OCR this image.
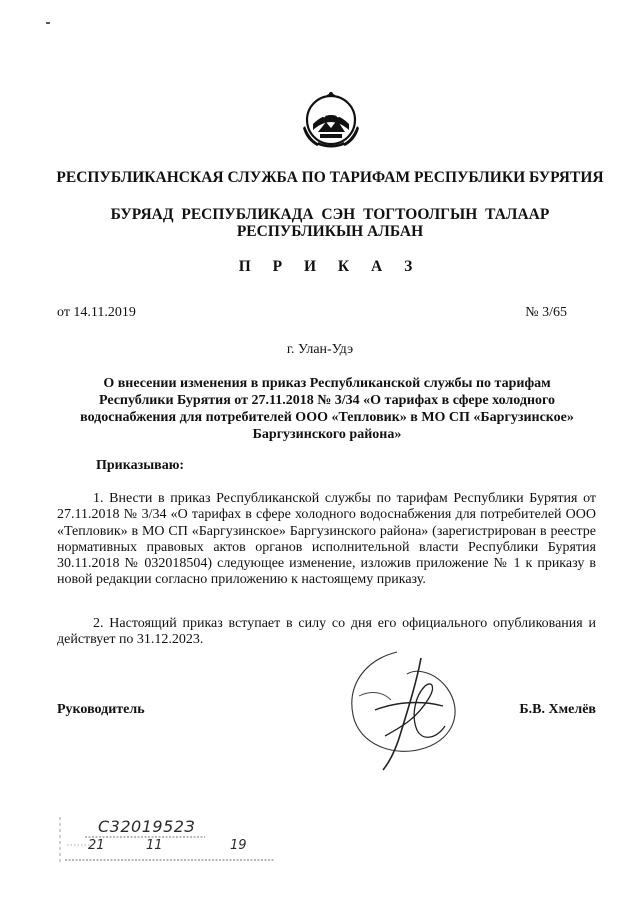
РЕСПУБЛИКАНСКАЯ СЛУЖБА ПО ТАРИФАМ РЕСПУБЛИКИ БУРЯТИЯ
БУРЯАД РЕСПУБЛИКАДА СЭН ТОГТООЛГЫН ТАЛААР
РЕСПУБЛИКЫН АЛБАН
П Р И К А З
от 14.11.2019	№ 3/65
г. Улан-Удэ
О внесении изменения в приказ Республиканской службы по тарифам
Республики Бурятия от 27.11.2018 № 3/34 «О тарифах в сфере холодного
водоснабжения для потребителей ООО «Тепловик» в МО СП «Баргузинское»
Баргузинского района»
Приказываю:
1. Внести в приказ Республиканской службы по тарифам Республики Бурятия от 27.11.2018 № 3/34 «О тарифах в сфере холодного водоснабжения для потребителей ООО «Тепловик» в МО СП «Баргузинское» Баргузинского района» (зарегистрирован в реестре нормативных правовых актов органов исполнительной власти Республики Бурятия 30.11.2018 № 032018504) следующее изменение, изложив приложение № 1 к приказу в новой редакции согласно приложению к настоящему приказу.
2. Настоящий приказ вступает в силу со дня его официального опубликования и действует по 31.12.2023.
Руководитель	Б.В. Хмелёв
С3201952З
21	11	19
